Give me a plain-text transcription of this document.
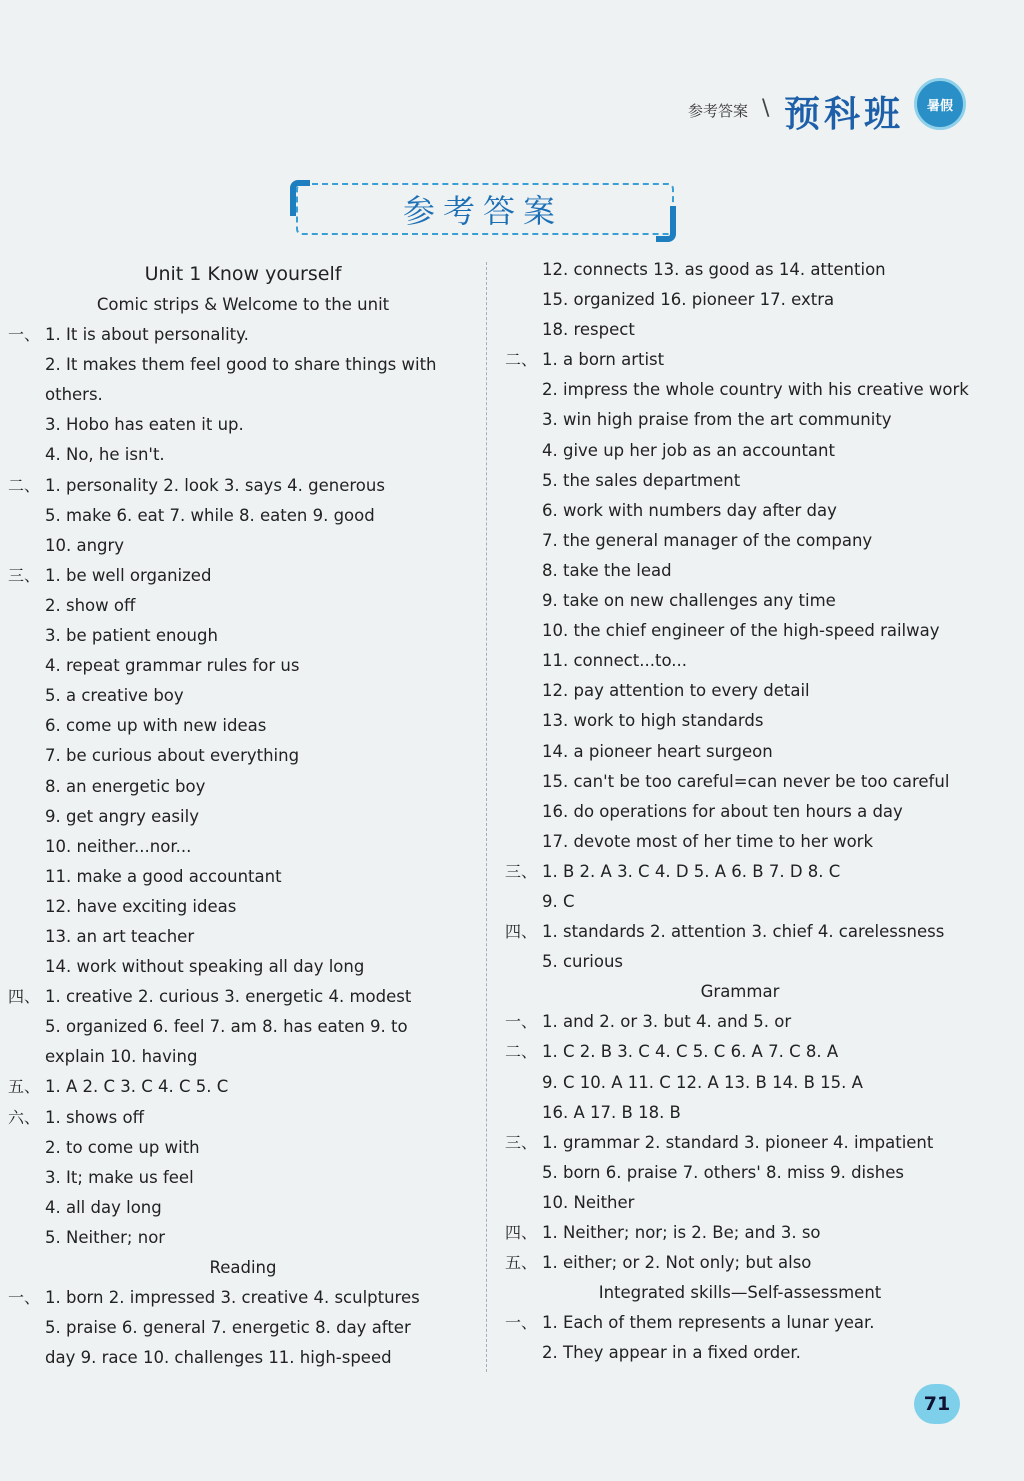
参考答案 \ 预科班	暑假
参考答案
Unit 1 Know yourself
Comic strips & Welcome to the unit
一、 1. It is about personality.
2. It makes them feel good to share things with
others.
3. Hobo has eaten it up.
4. No, he isn't.
二、 1. personality 2. look 3. says 4. generous
5. make 6. eat 7. while 8. eaten 9. good
10. angry
三、 1. be well organized
2. show off
3. be patient enough
4. repeat grammar rules for us
5. a creative boy
6. come up with new ideas
7. be curious about everything
8. an energetic boy
9. get angry easily
10. neither...nor...
11. make a good accountant
12. have exciting ideas
13. an art teacher
14. work without speaking all day long
四、 1. creative 2. curious 3. energetic 4. modest
5. organized 6. feel 7. am 8. has eaten 9. to
explain 10. having
五、 1. A 2. C 3. C 4. C 5. C
六、 1. shows off
2. to come up with
3. It; make us feel
4. all day long
5. Neither; nor
Reading
一、 1. born 2. impressed 3. creative 4. sculptures
5. praise 6. general 7. energetic 8. day after
day 9. race 10. challenges 11. high-speed
12. connects 13. as good as 14. attention
15. organized 16. pioneer 17. extra
18. respect
二、 1. a born artist
2. impress the whole country with his creative work
3. win high praise from the art community
4. give up her job as an accountant
5. the sales department
6. work with numbers day after day
7. the general manager of the company
8. take the lead
9. take on new challenges any time
10. the chief engineer of the high-speed railway
11. connect...to...
12. pay attention to every detail
13. work to high standards
14. a pioneer heart surgeon
15. can't be too careful=can never be too careful
16. do operations for about ten hours a day
17. devote most of her time to her work
三、 1. B 2. A 3. C 4. D 5. A 6. B 7. D 8. C
9. C
四、 1. standards 2. attention 3. chief 4. carelessness
5. curious
Grammar
一、 1. and 2. or 3. but 4. and 5. or
二、 1. C 2. B 3. C 4. C 5. C 6. A 7. C 8. A
9. C 10. A 11. C 12. A 13. B 14. B 15. A
16. A 17. B 18. B
三、 1. grammar 2. standard 3. pioneer 4. impatient
5. born 6. praise 7. others' 8. miss 9. dishes
10. Neither
四、 1. Neither; nor; is 2. Be; and 3. so
五、 1. either; or 2. Not only; but also
Integrated skills—Self-assessment
一、 1. Each of them represents a lunar year.
2. They appear in a fixed order.
71
